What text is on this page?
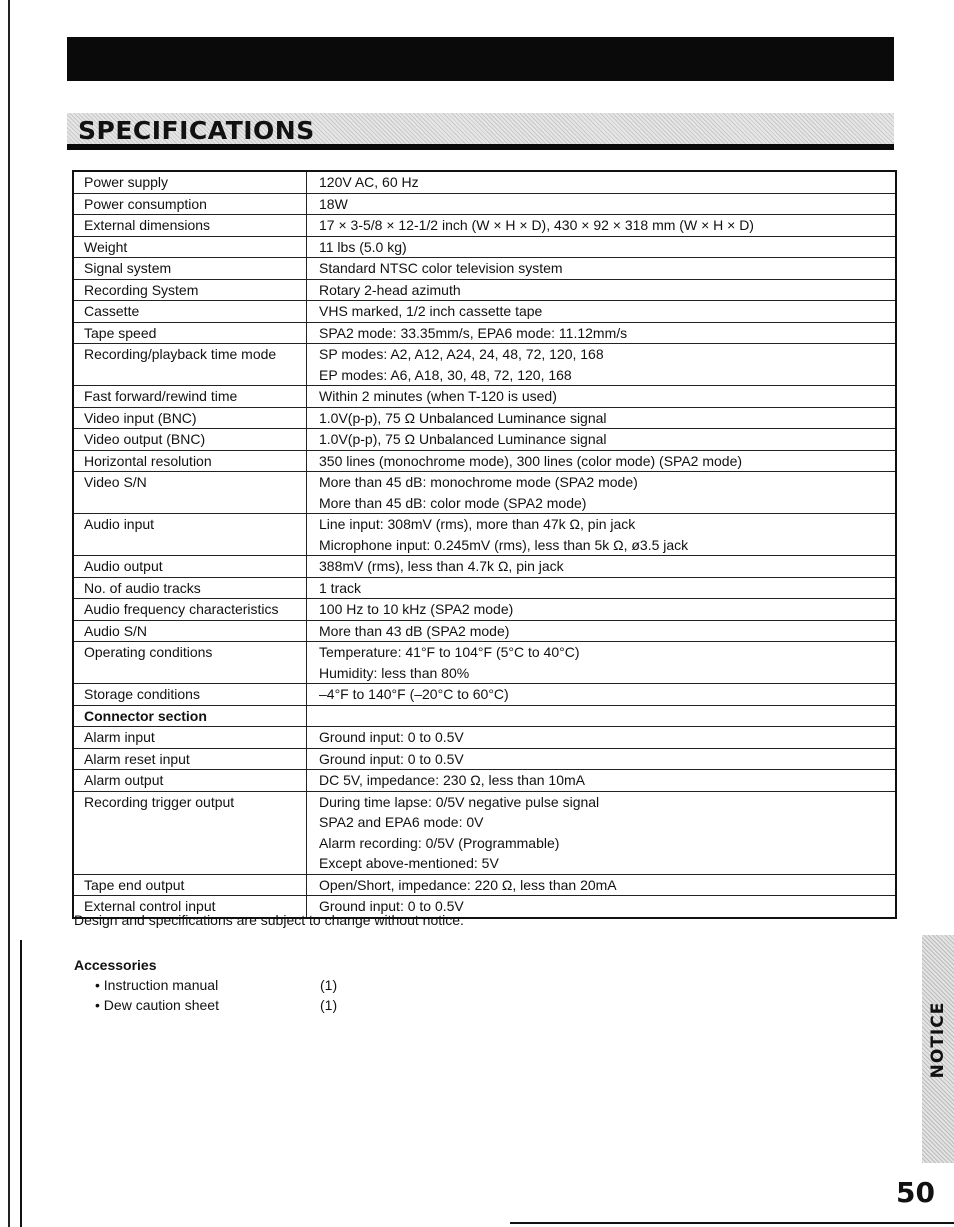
SPECIFICATIONS
Power supply	120V AC, 60 Hz

Power consumption	18W

External dimensions	17 × 3-5/8 × 12-1/2 inch (W × H × D), 430 × 92 × 318 mm (W × H × D)

Weight	11 lbs (5.0 kg)

Signal system	Standard NTSC color television system

Recording System	Rotary 2-head azimuth

Cassette	VHS marked, 1/2 inch cassette tape

Tape speed	SPA2 mode: 33.35mm/s, EPA6 mode: 11.12mm/s

Recording/playback time mode	SP modes: A2, A12, A24, 24, 48, 72, 120, 168
EP modes: A6, A18, 30, 48, 72, 120, 168

Fast forward/rewind time	Within 2 minutes (when T-120 is used)

Video input (BNC)	1.0V(p-p), 75 Ω Unbalanced Luminance signal

Video output (BNC)	1.0V(p-p), 75 Ω Unbalanced Luminance signal

Horizontal resolution	350 lines (monochrome mode), 300 lines (color mode) (SPA2 mode)

Video S/N	More than 45 dB: monochrome mode (SPA2 mode)
More than 45 dB: color mode (SPA2 mode)

Audio input	Line input: 308mV (rms), more than 47k Ω, pin jack
Microphone input: 0.245mV (rms), less than 5k Ω, ø3.5 jack

Audio output	388mV (rms), less than 4.7k Ω, pin jack

No. of audio tracks	1 track

Audio frequency characteristics	100 Hz to 10 kHz (SPA2 mode)

Audio S/N	More than 43 dB (SPA2 mode)

Operating conditions	Temperature: 41°F to 104°F (5°C to 40°C)
Humidity: less than 80%

Storage conditions	–4°F to 140°F (–20°C to 60°C)

Connector section	

Alarm input	Ground input: 0 to 0.5V

Alarm reset input	Ground input: 0 to 0.5V

Alarm output	DC 5V, impedance: 230 Ω, less than 10mA

Recording trigger output	During time lapse: 0/5V negative pulse signal
SPA2 and EPA6 mode: 0V
Alarm recording: 0/5V (Programmable)
Except above-mentioned: 5V

Tape end output	Open/Short, impedance: 220 Ω, less than 20mA

External control input	Ground input: 0 to 0.5V
Design and specifications are subject to change without notice.
Accessories
• Instruction manual	(1)
• Dew caution sheet	(1)	NOTICE
50
